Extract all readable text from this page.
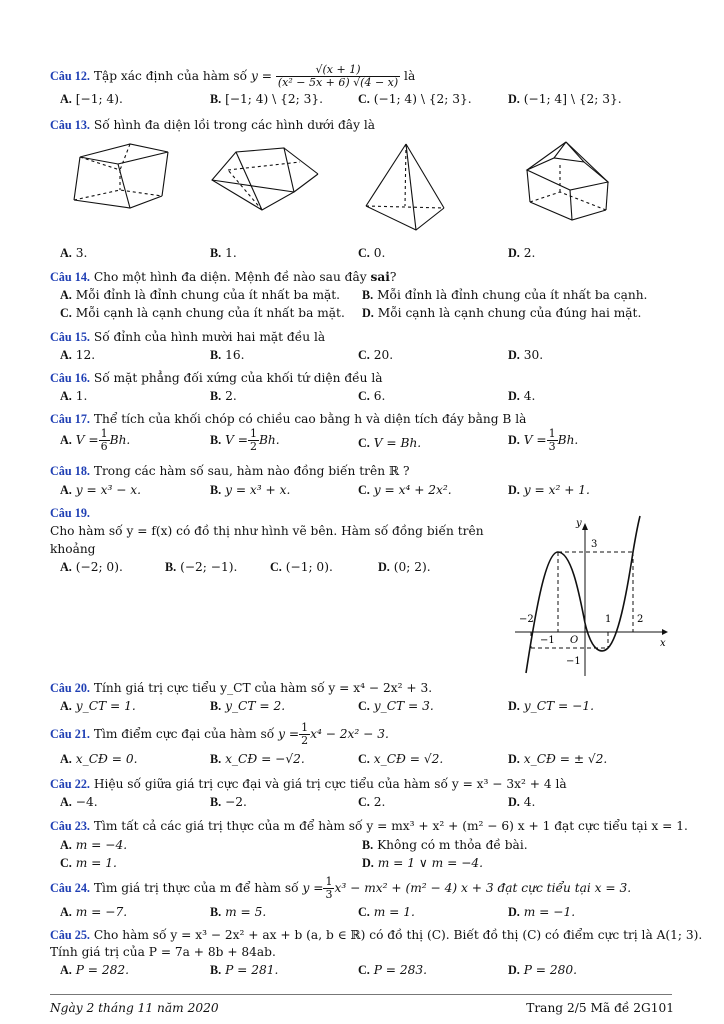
Câu 12. Tập xác định của hàm số $y = \frac{√(x + 1)}{\text{(x² − 5x + 6) √(4 − x)}}$ là
A. [−1; 4).	B. [−1; 4) \ {2; 3}.	C. (−1; 4) \ {2; 3}.	D. (−1; 4] \ {2; 3}.
Câu 13. Số hình đa diện lồi trong các hình dưới đây là
A. 3.	B. 1.	C. 0.	D. 2.
Câu 14. Cho một hình đa diện. Mệnh đề nào sau đây sai?
A. Mỗi đỉnh là đỉnh chung của ít nhất ba mặt. B. Mỗi đỉnh là đỉnh chung của ít nhất ba cạnh.
C. Mỗi cạnh là cạnh chung của ít nhất ba mặt. D. Mỗi cạnh là cạnh chung của đúng hai mặt.
Câu 15. Số đỉnh của hình mười hai mặt đều là
A. 12.	B. 16.	C. 20.	D. 30.
Câu 16. Số mặt phẳng đối xứng của khối tứ diện đều là
A. 1.	B. 2.	C. 6.	D. 4.
Câu 17. Thể tích của khối chóp có chiều cao bằng h và diện tích đáy bằng B là
A. $V = \frac{1}{6} Bh$.	B. $V = \frac{1}{2} Bh$.	C. V = Bh.	D. $V = \frac{1}{3} Bh$.
Câu 18. Trong các hàm số sau, hàm nào đồng biến trên ℝ ?
A. y = x³ − x.	B. y = x³ + x.	C. y = x⁴ + 2x².	D. y = x² + 1.
Câu 19.
Cho hàm số y = f(x) có đồ thị như hình vẽ bên. Hàm số đồng biến trên
khoảng
A. (−2; 0).	B. (−2; −1).	C. (−1; 0).	D. (0; 2).
y
x
3
−2
−1 O
1	2
−1
Câu 20. Tính giá trị cực tiểu y_CT của hàm số y = x⁴ − 2x² + 3.
A. y_CT = 1.	B. y_CT = 2.	C. y_CT = 3.	D. y_CT = −1.
Câu 21. Tìm điểm cực đại của hàm số $y = \frac{1}{2} x^4 - 2x^2 - 3$.
A. x_CĐ = 0.	B. x_CĐ = −√2.	C. x_CĐ = √2.	D. x_CĐ = ± √2.
Câu 22. Hiệu số giữa giá trị cực đại và giá trị cực tiểu của hàm số y = x³ − 3x² + 4 là
A. −4.	B. −2.	C. 2.	D. 4.
Câu 23. Tìm tất cả các giá trị thực của m để hàm số y = mx³ + x² + (m² − 6) x + 1 đạt cực tiểu tại x = 1.
A. m = −4.	B. Không có m thỏa đề bài.
C. m = 1.	D. m = 1 ∨ m = −4.
Câu 24. Tìm giá trị thực của m để hàm số $y = \frac{1}{3} x^3 - mx^2 + (m^2 - 4) x + 3$ đạt cực tiểu tại x = 3.
A. m = −7.	B. m = 5.	C. m = 1.	D. m = −1.
Câu 25. Cho hàm số y = x³ − 2x² + ax + b (a, b ∈ ℝ) có đồ thị (C). Biết đồ thị (C) có điểm cực trị là A(1; 3).
Tính giá trị của P = 7a + 8b + 84ab.
A. P = 282.	B. P = 281.	C. P = 283.	D. P = 280.
Ngày 2 tháng 11 năm 2020	Trang 2/5 Mã đề 2G101
